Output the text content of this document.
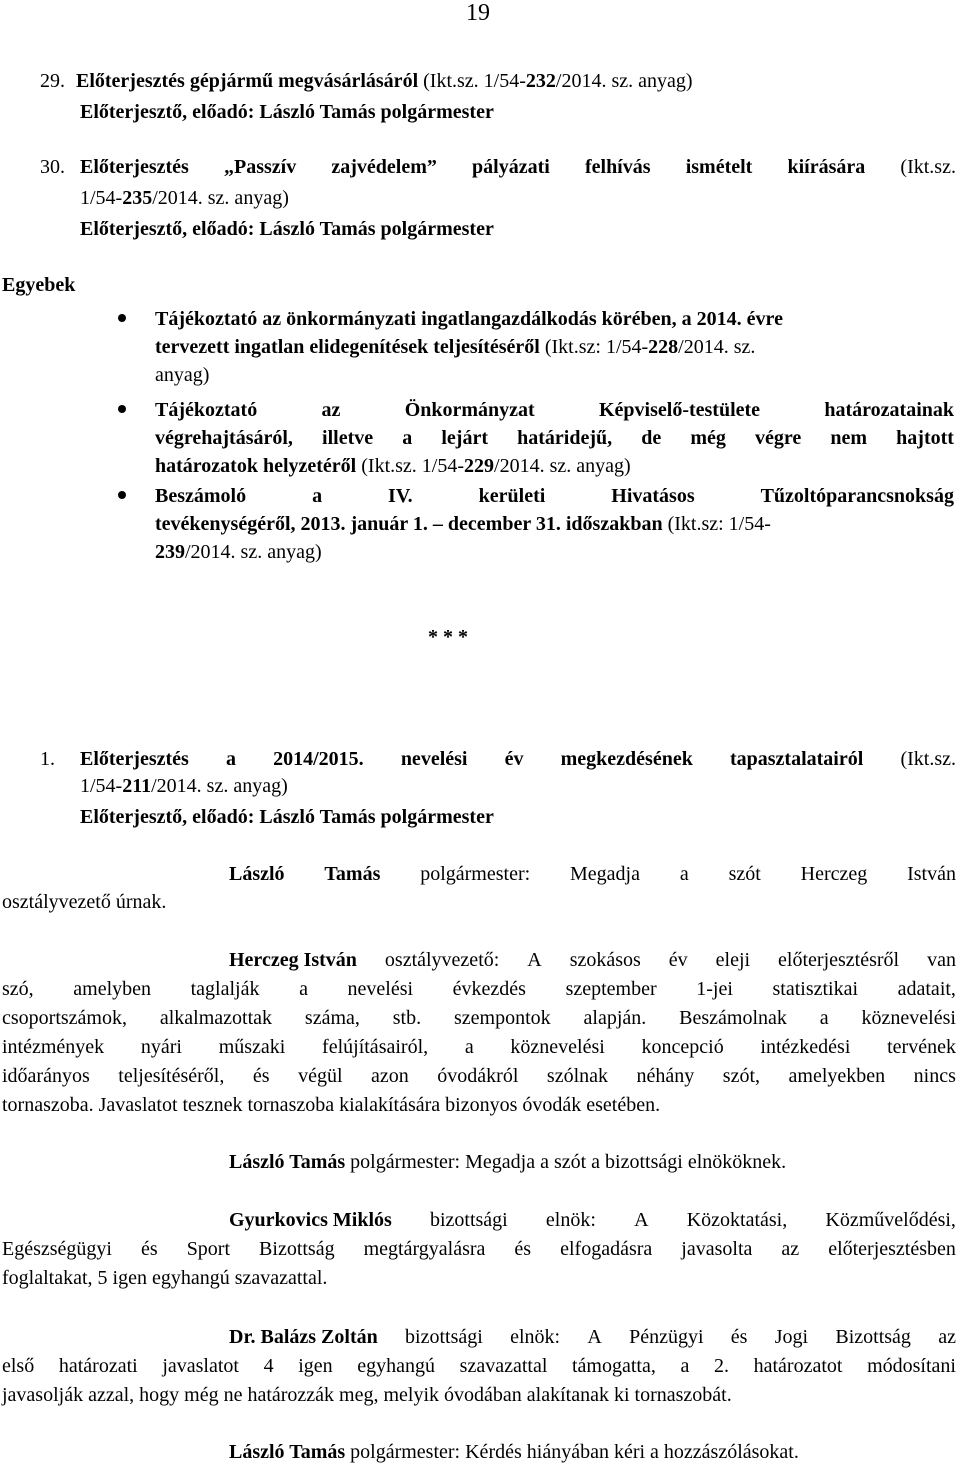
19
29. Előterjesztés gépjármű megvásárlásáról (Ikt.sz. 1/54-232/2014. sz. anyag)
Előterjesztő, előadó: László Tamás polgármester
30. Előterjesztés „Passzív zajvédelem” pályázati felhívás ismételt kiírására (Ikt.sz.
1/54-235/2014. sz. anyag)
Előterjesztő, előadó: László Tamás polgármester
Egyebek
Tájékoztató az önkormányzati ingatlangazdálkodás körében, a 2014. évre
tervezett ingatlan elidegenítések teljesítéséről (Ikt.sz: 1/54-228/2014. sz.
anyag)
Tájékoztató	az	Önkormányzat	Képviselő-testülete	határozatainak
végrehajtásáról, illetve a lejárt határidejű, de még végre nem hajtott
határozatok helyzetéről (Ikt.sz. 1/54-229/2014. sz. anyag)
Beszámoló	a	IV.	kerületi	Hivatásos	Tűzoltóparancsnokság
tevékenységéről, 2013. január 1. – december 31. időszakban (Ikt.sz: 1/54-
239/2014. sz. anyag)
* * *
1. Előterjesztés a 2014/2015. nevelési év megkezdésének tapasztalatairól (Ikt.sz.
1/54-211/2014. sz. anyag)
Előterjesztő, előadó: László Tamás polgármester
László Tamás polgármester: Megadja a szót Herczeg István
osztályvezető úrnak.
Herczeg István osztályvezető: A szokásos év eleji előterjesztésről van
szó, amelyben taglalják a nevelési évkezdés szeptember 1-jei statisztikai adatait,
csoportszámok, alkalmazottak száma, stb. szempontok alapján. Beszámolnak a köznevelési
intézmények nyári műszaki felújításairól, a köznevelési koncepció intézkedési tervének
időarányos teljesítéséről, és végül azon óvodákról szólnak néhány szót, amelyekben nincs
tornaszoba. Javaslatot tesznek tornaszoba kialakítására bizonyos óvodák esetében.
László Tamás polgármester: Megadja a szót a bizottsági elnököknek.
Gyurkovics Miklós bizottsági elnök: A Közoktatási, Közművelődési,
Egészségügyi és Sport Bizottság megtárgyalásra és elfogadásra javasolta az előterjesztésben
foglaltakat, 5 igen egyhangú szavazattal.
Dr. Balázs Zoltán bizottsági elnök: A Pénzügyi és Jogi Bizottság az
első határozati javaslatot 4 igen egyhangú szavazattal támogatta, a 2. határozatot módosítani
javasolják azzal, hogy még ne határozzák meg, melyik óvodában alakítanak ki tornaszobát.
László Tamás polgármester: Kérdés hiányában kéri a hozzászólásokat.
